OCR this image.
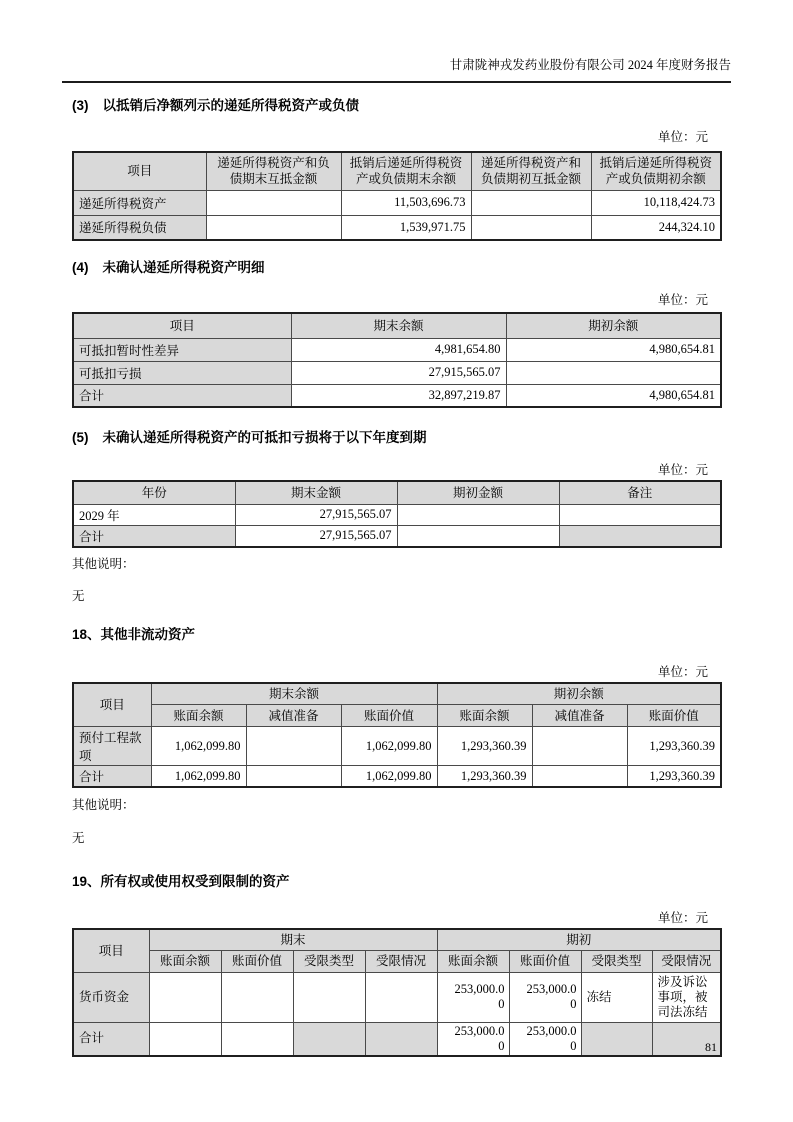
甘肃陇神戎发药业股份有限公司 2024 年度财务报告
(3) 以抵销后净额列示的递延所得税资产或负债
单位：元
项目	递延所得税资产和负债期末互抵金额	抵销后递延所得税资产或负债期末余额	递延所得税资产和负债期初互抵金额	抵销后递延所得税资产或负债期初余额
递延所得税资产		11,503,696.73		10,118,424.73
递延所得税负债		1,539,971.75		244,324.10
(4) 未确认递延所得税资产明细
单位：元
项目	期末余额	期初余额
可抵扣暂时性差异	4,981,654.80	4,980,654.81
可抵扣亏损	27,915,565.07	
合计	32,897,219.87	4,980,654.81
(5) 未确认递延所得税资产的可抵扣亏损将于以下年度到期
单位：元
年份	期末金额	期初金额	备注
2029 年	27,915,565.07		
合计	27,915,565.07		
其他说明：
无
18、其他非流动资产
单位：元
项目	期末余额			期初余额		
	账面余额	减值准备	账面价值	账面余额	减值准备	账面价值
预付工程款项	1,062,099.80		1,062,099.80	1,293,360.39		1,293,360.39
合计	1,062,099.80		1,062,099.80	1,293,360.39		1,293,360.39
其他说明：
无
19、所有权或使用权受到限制的资产
单位：元
项目	期末				期初			
	账面余额	账面价值	受限类型	受限情况	账面余额	账面价值	受限类型	受限情况
货币资金					253,000.00	253,000.00	冻结	涉及诉讼事项，被司法冻结
合计					253,000.00	253,000.00			81
